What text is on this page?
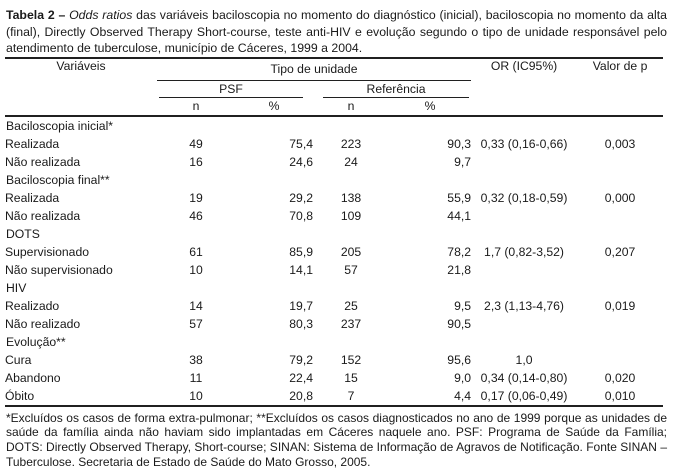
Tabela 2 – Odds ratios das variáveis baciloscopia no momento do diagnóstico (inicial), baciloscopia no momento da alta (final), Directly Observed Therapy Short-course, teste anti-HIV e evolução segundo o tipo de unidade responsável pelo atendimento de tuberculose, município de Cáceres, 1999 a 2004.

Variáveis	Tipo de unidade				OR (IC95%)	Valor de p

	PSF		Referência			

	n	%	n	%		
Baciloscopia inicial*						
Realizada	49	75,4	223	90,3	0,33 (0,16-0,66)	0,003
Não realizada	16	24,6	24	9,7		
Baciloscopia final**						
Realizada	19	29,2	138	55,9	0,32 (0,18-0,59)	0,000
Não realizada	46	70,8	109	44,1		
DOTS						
Supervisionado	61	85,9	205	78,2	1,7 (0,82-3,52)	0,207
Não supervisionado	10	14,1	57	21,8		
HIV						
Realizado	14	19,7	25	9,5	2,3 (1,13-4,76)	0,019
Não realizado	57	80,3	237	90,5		
Evolução**						
Cura	38	79,2	152	95,6	1,0	
Abandono	11	22,4	15	9,0	0,34 (0,14-0,80)	0,020
Óbito	10	20,8	7	4,4	0,17 (0,06-0,49)	0,010

*Excluídos os casos de forma extra-pulmonar; **Excluídos os casos diagnosticados no ano de 1999 porque as unidades de saúde da família ainda não haviam sido implantadas em Cáceres naquele ano. PSF: Programa de Saúde da Família; DOTS: Directly Observed Therapy, Short-course; SINAN: Sistema de Informação de Agravos de Notificação. Fonte SINAN – Tuberculose. Secretaria de Estado de Saúde do Mato Grosso, 2005.
